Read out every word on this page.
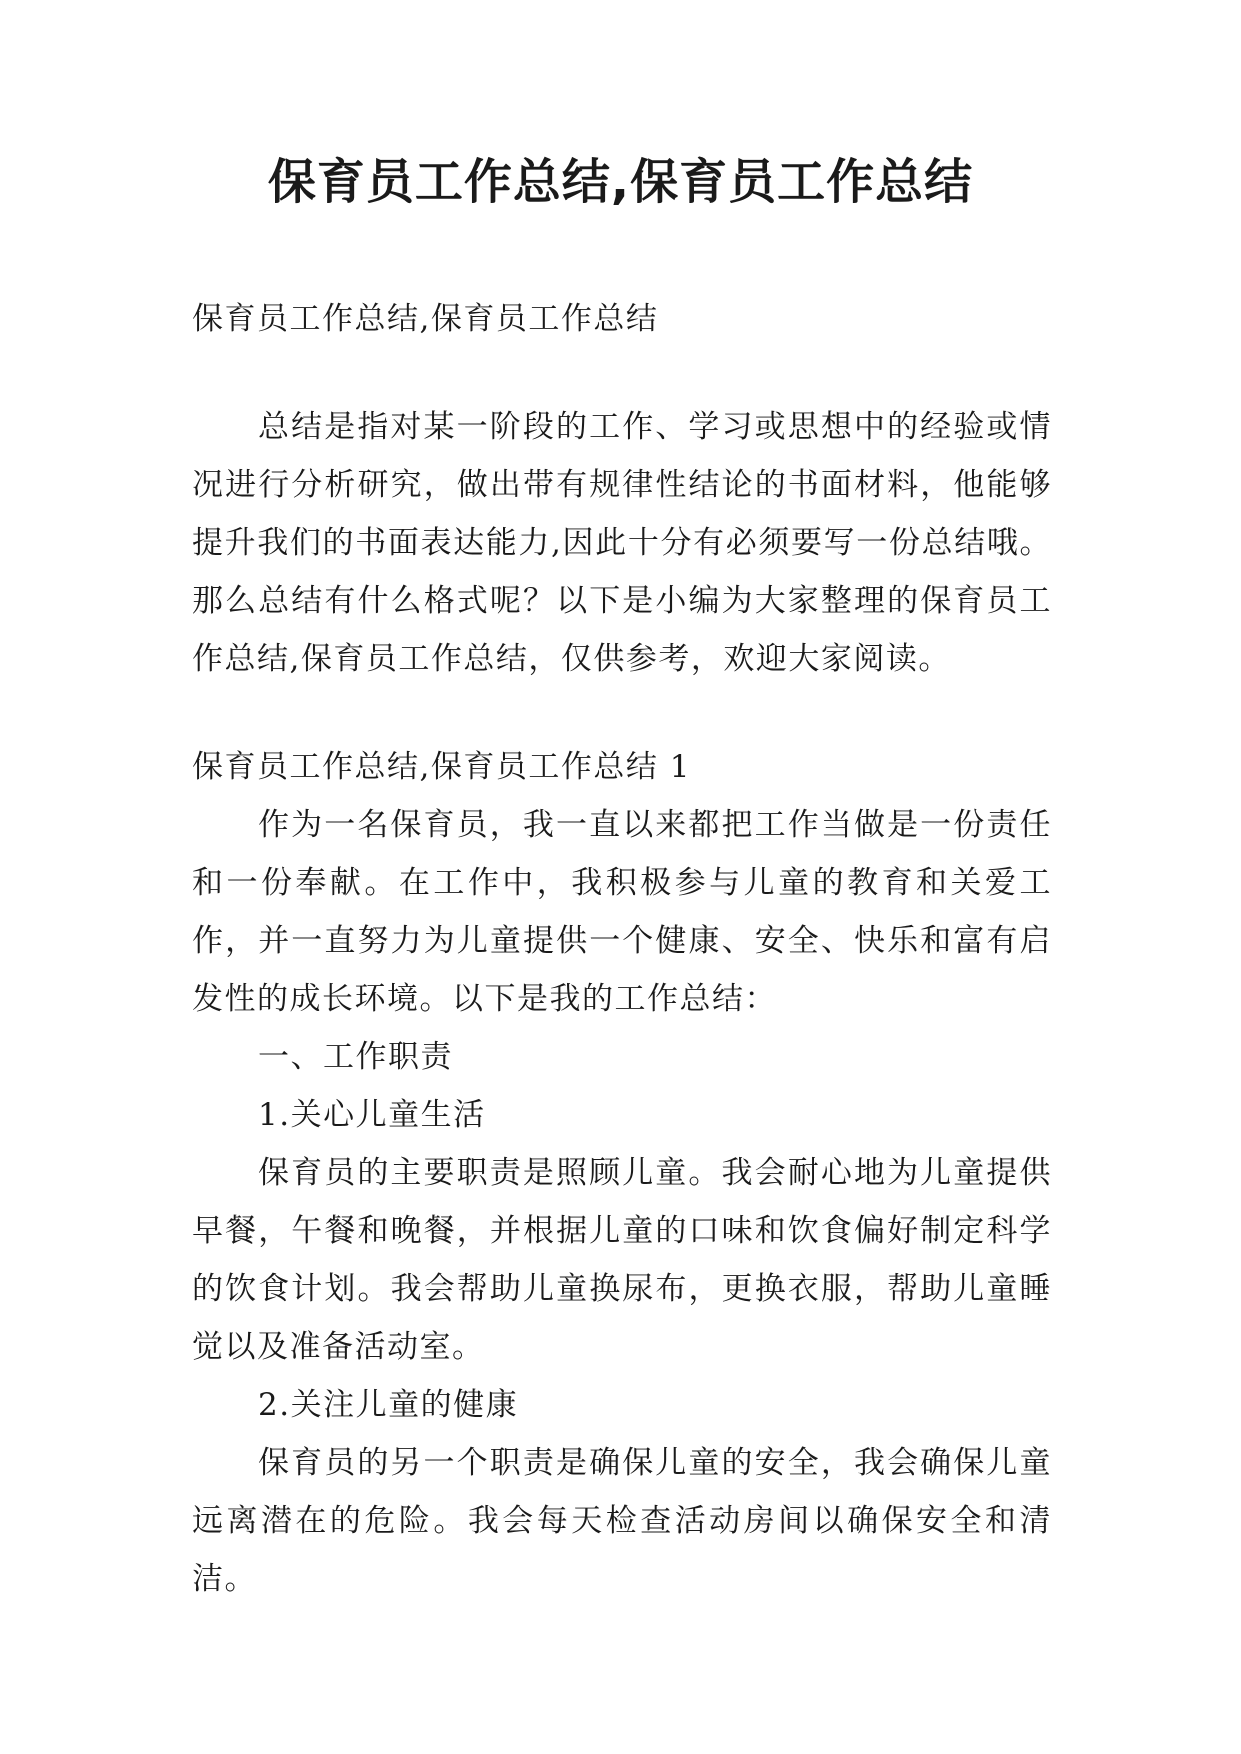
保育员工作总结,保育员工作总结

保育员工作总结,保育员工作总结

总结是指对某一阶段的工作、学习或思想中的经验或情况进行分析研究，做出带有规律性结论的书面材料，他能够提升我们的书面表达能力,因此十分有必须要写一份总结哦。那么总结有什么格式呢？以下是小编为大家整理的保育员工作总结,保育员工作总结，仅供参考，欢迎大家阅读。

保育员工作总结,保育员工作总结 1

作为一名保育员，我一直以来都把工作当做是一份责任和一份奉献。在工作中，我积极参与儿童的教育和关爱工作，并一直努力为儿童提供一个健康、安全、快乐和富有启发性的成长环境。以下是我的工作总结：

一、工作职责

1.关心儿童生活

保育员的主要职责是照顾儿童。我会耐心地为儿童提供早餐，午餐和晚餐，并根据儿童的口味和饮食偏好制定科学的饮食计划。我会帮助儿童换尿布，更换衣服，帮助儿童睡觉以及准备活动室。

2.关注儿童的健康

保育员的另一个职责是确保儿童的安全，我会确保儿童远离潜在的危险。我会每天检查活动房间以确保安全和清洁。
